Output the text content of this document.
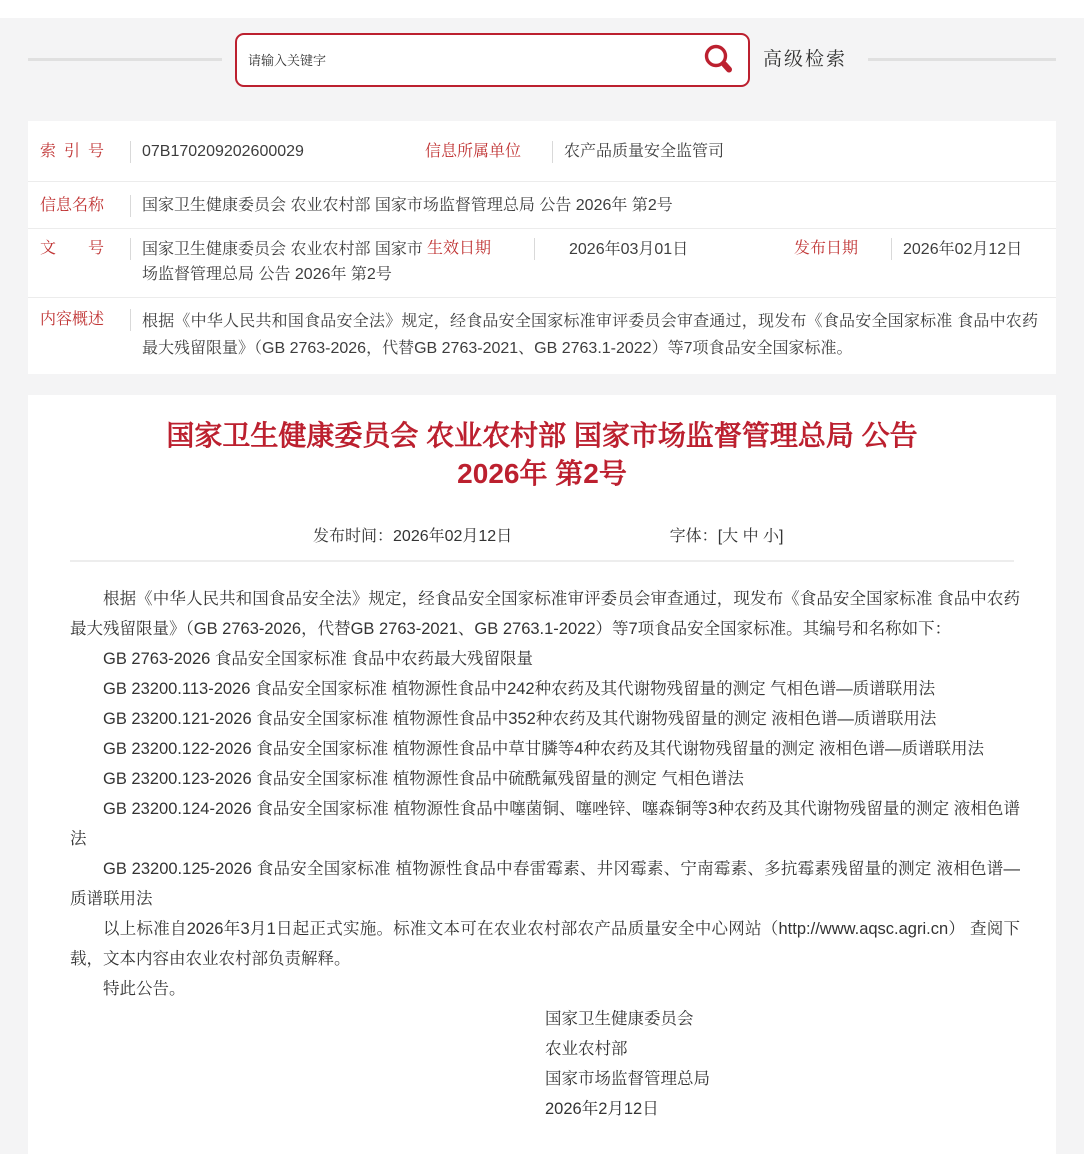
请输入关键字
高级检索
索引号 07B170209202600029	信息所属单位	农产品质量安全监管司
信息名称 国家卫生健康委员会 农业农村部 国家市场监督管理总局 公告 2026年 第2号
文号 国家卫生健康委员会 农业农村部 国家市场监督管理总局 公告 2026年 第2号
生效日期	2026年03月01日	发布日期	2026年02月12日
内容概述 根据《中华人民共和国食品安全法》规定，经食品安全国家标准审评委员会审查通过，现发布《食品安全国家标准 食品中农药最大残留限量》（GB 2763-2026，代替GB 2763-2021、GB 2763.1-2022）等7项食品安全国家标准。
国家卫生健康委员会 农业农村部 国家市场监督管理总局 公告
2026年 第2号
发布时间：2026年02月12日	字体：[大 中 小]

根据《中华人民共和国食品安全法》规定，经食品安全国家标准审评委员会审查通过，现发布《食品安全国家标准 食品中农药最大残留限量》（GB 2763-2026，代替GB 2763-2021、GB 2763.1-2022）等7项食品安全国家标准。其编号和名称如下：

GB 2763-2026 食品安全国家标准 食品中农药最大残留限量

GB 23200.113-2026 食品安全国家标准 植物源性食品中242种农药及其代谢物残留量的测定 气相色谱—质谱联用法

GB 23200.121-2026 食品安全国家标准 植物源性食品中352种农药及其代谢物残留量的测定 液相色谱—质谱联用法

GB 23200.122-2026 食品安全国家标准 植物源性食品中草甘膦等4种农药及其代谢物残留量的测定 液相色谱—质谱联用法

GB 23200.123-2026 食品安全国家标准 植物源性食品中硫酰氟残留量的测定 气相色谱法

GB 23200.124-2026 食品安全国家标准 植物源性食品中噻菌铜、噻唑锌、噻森铜等3种农药及其代谢物残留量的测定 液相色谱法

GB 23200.125-2026 食品安全国家标准 植物源性食品中春雷霉素、井冈霉素、宁南霉素、多抗霉素残留量的测定 液相色谱—质谱联用法

以上标准自2026年3月1日起正式实施。标准文本可在农业农村部农产品质量安全中心网站（http://www.aqsc.agri.cn） 查阅下载，文本内容由农业农村部负责解释。

特此公告。

国家卫生健康委员会

农业农村部

国家市场监督管理总局

2026年2月12日
